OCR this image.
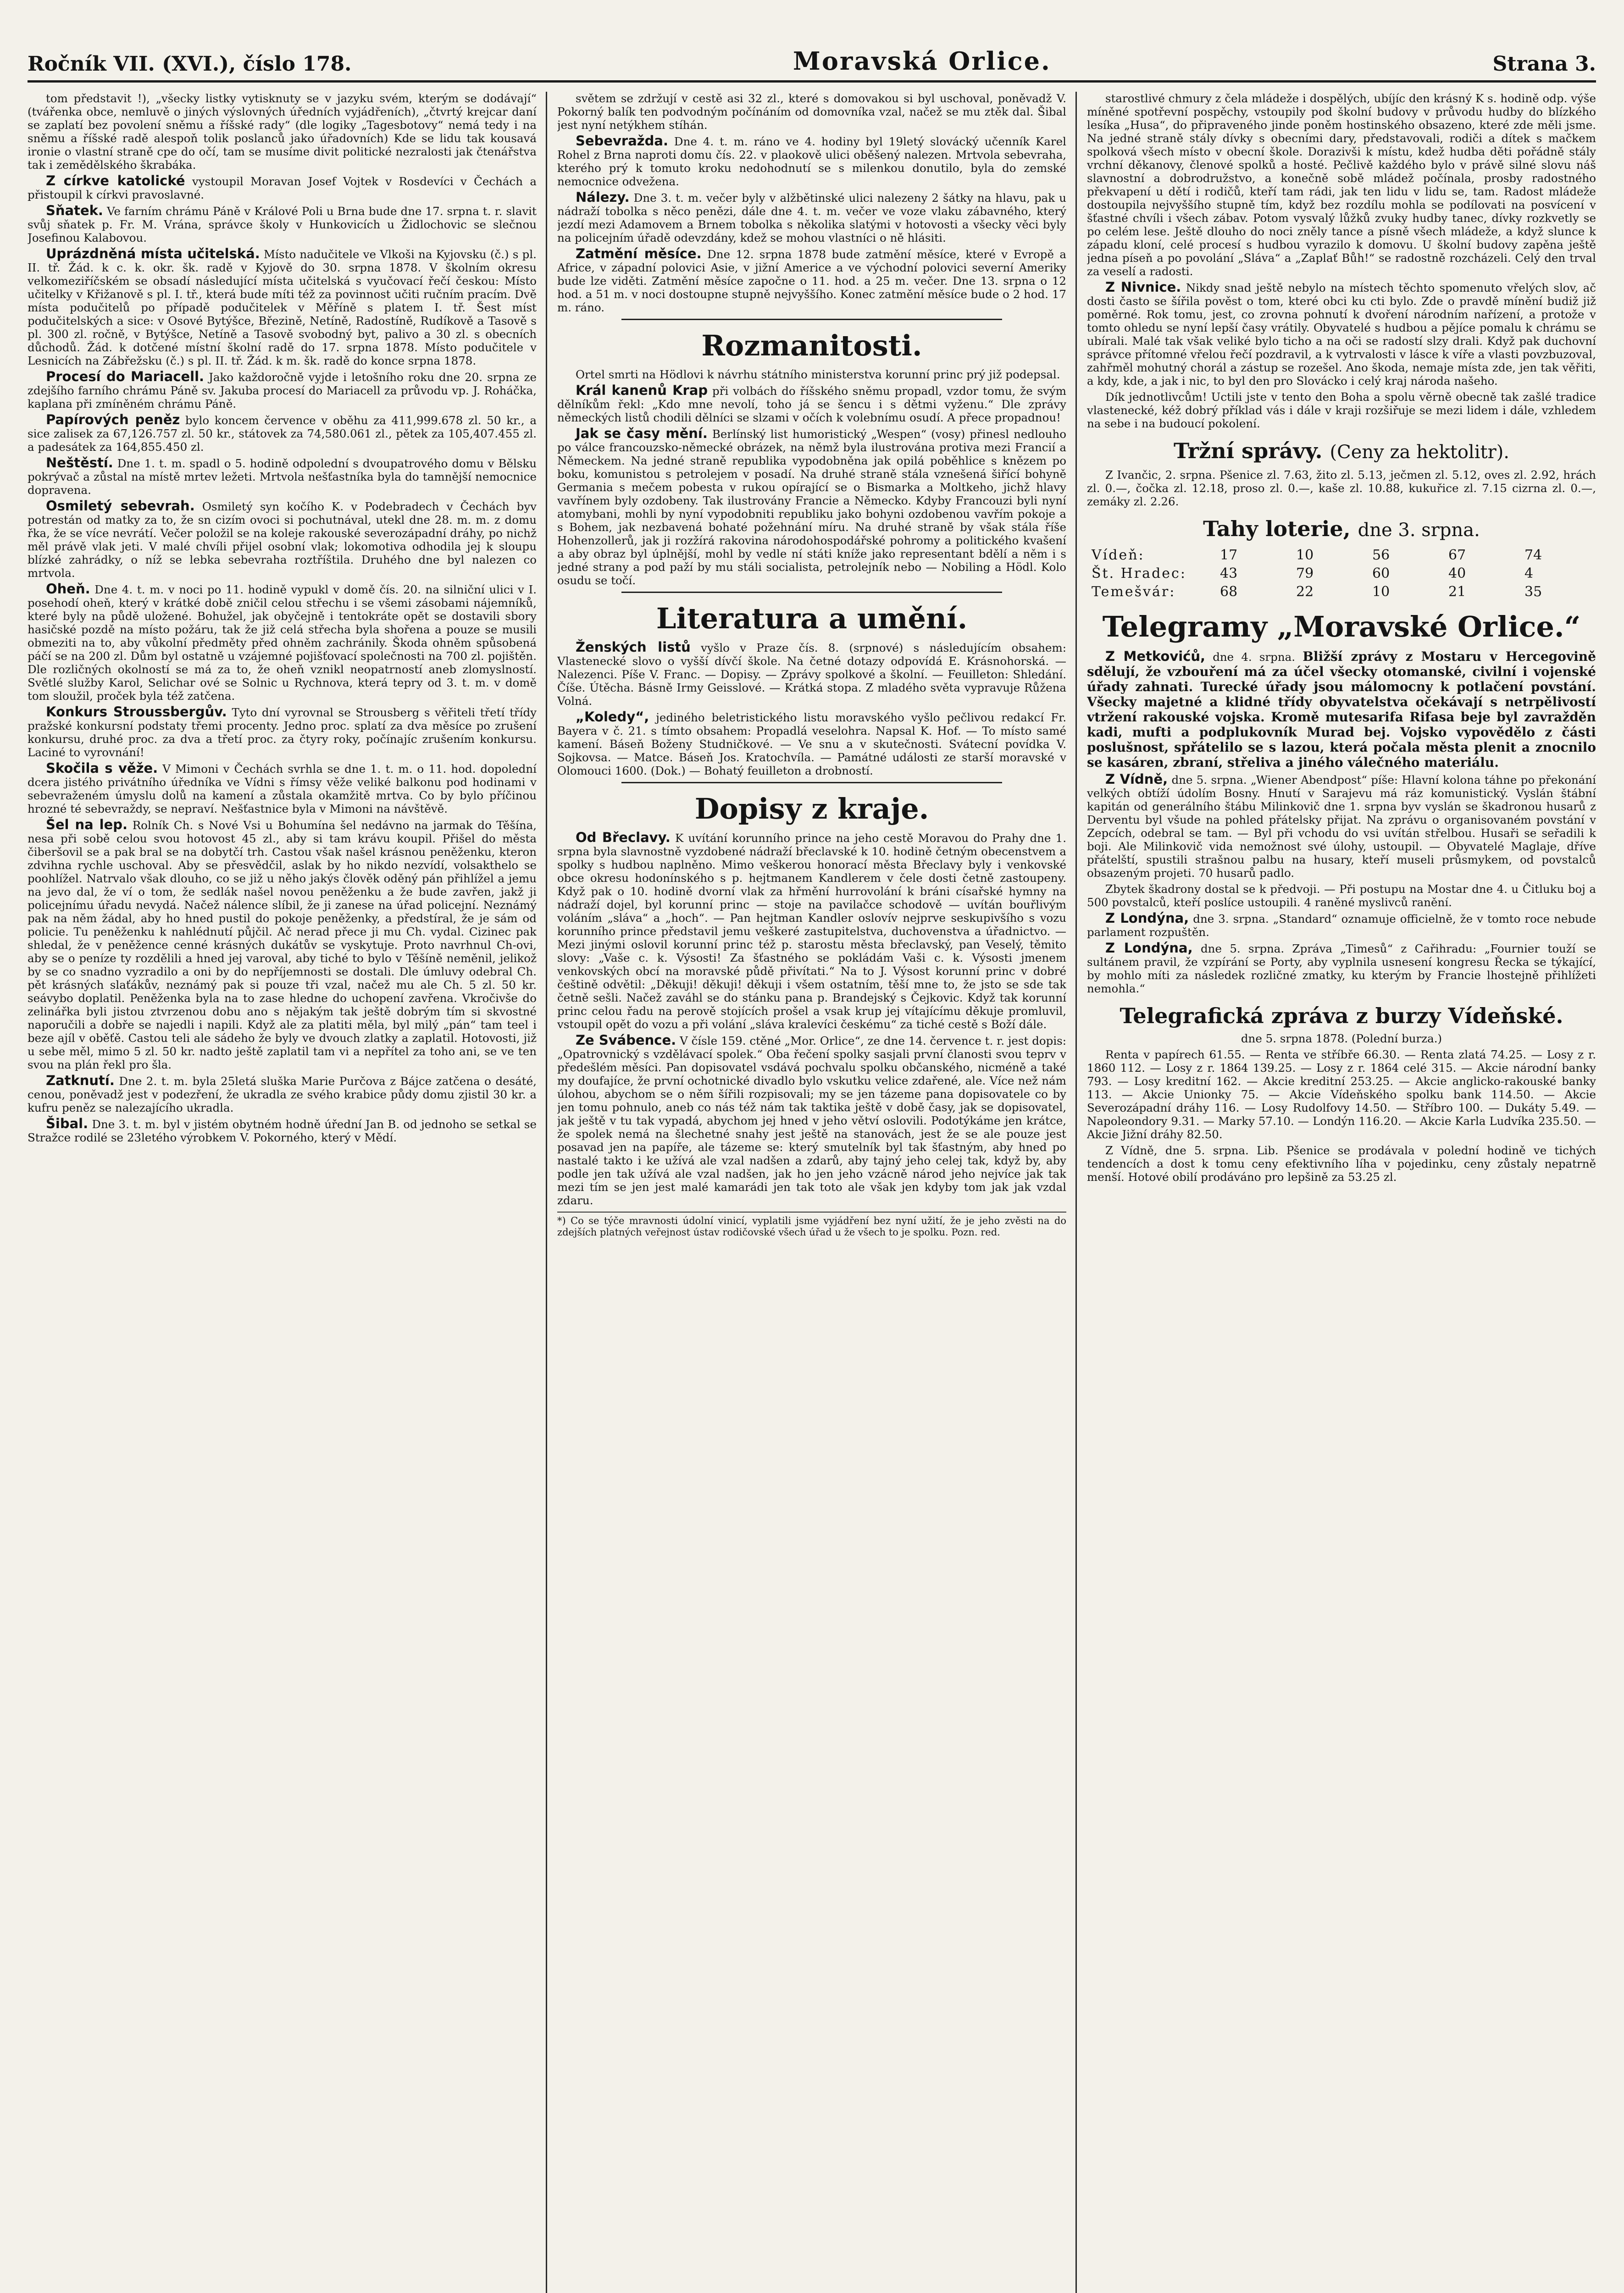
Ročník VII. (XVI.), číslo 178.	Moravská Orlice.	Strana 3.

tom představit !), „všecky listky vytisknuty se v jazyku svém, kterým se dodávají“ (tvářenka obce, nemluvě o jiných výslovných úředních vyjádřeních), „čtvrtý krejcar daní se zaplatí bez povolení sněmu a říšské rady“ (dle logiky „Tagesbotovy“ nemá tedy i na sněmu a říšské radě alespoň tolik poslanců jako úřadovních) Kde se lidu tak kousavá ironie o vlastní straně cpe do očí, tam se musíme divit politické nezralosti jak čtenářstva tak i zemědělského škrabáka.

Z církve katolické vystoupil Moravan Josef Vojtek v Rosdevíci v Čechách a přistoupil k církvi pravoslavné.

Sňatek. Ve farním chrámu Páně v Králové Poli u Brna bude dne 17. srpna t. r. slavit svůj sňatek p. Fr. M. Vrána, správce školy v Hunkovicích u Židlochovic se slečnou Josefinou Kalabovou.

Uprázdněná místa učitelská. Místo nadučitele ve Vlkoši na Kyjovsku (č.) s pl. II. tř. Žád. k c. k. okr. šk. radě v Kyjově do 30. srpna 1878. V školním okresu velkomeziříčském se obsadí následující místa učitelská s vyučovací řečí českou: Místo učitelky v Křižanově s pl. I. tř., která bude míti též za povinnost učiti ručním pracím. Dvě místa podučitelů po případě podučitelek v Měříně s platem I. tř. Šest míst podučitelských a sice: v Osové Bytýšce, Březině, Netíně, Radostíně, Rudíkově a Tasově s pl. 300 zl. ročně, v Bytýšce, Netíně a Tasově svobodný byt, palivo a 30 zl. s obecních důchodů. Žád. k dotčené místní školní radě do 17. srpna 1878. Místo podučitele v Lesnicích na Zábřežsku (č.) s pl. II. tř. Žád. k m. šk. radě do konce srpna 1878.

Procesí do Mariacell. Jako každoročně vyjde i letošního roku dne 20. srpna ze zdejšího farního chrámu Páně sv. Jakuba procesí do Mariacell za průvodu vp. J. Roháčka, kaplana při zmíněném chrámu Páně.

Papírových peněz bylo koncem července v oběhu za 411,999.678 zl. 50 kr., a sice zalisek za 67,126.757 zl. 50 kr., státovek za 74,580.061 zl., pětek za 105,407.455 zl. a padesátek za 164,855.450 zl.

Neštěstí. Dne 1. t. m. spadl o 5. hodině odpolední s dvoupatrového domu v Bělsku pokrývač a zůstal na místě mrtev ležeti. Mrtvola nešťastníka byla do tamnější nemocnice dopravena.

Osmiletý sebevrah. Osmiletý syn kočího K. v Podebradech v Čechách byv potrestán od matky za to, že sn cizím ovoci si pochutnával, utekl dne 28. m. m. z domu řka, že se více nevrátí. Večer položil se na koleje rakouské severozápadní dráhy, po nichž měl právě vlak jeti. V malé chvíli přijel osobní vlak; lokomotiva odhodila jej k sloupu blízké zahrádky, o níž se lebka sebevraha roztříštila. Druhého dne byl nalezen co mrtvola.

Oheň. Dne 4. t. m. v noci po 11. hodině vypukl v domě čís. 20. na silniční ulici v I. posehodí oheň, který v krátké době zničil celou střechu i se všemi zásobami nájemníků, které byly na půdě uložené. Bohužel, jak obyčejně i tentokráte opět se dostavili sbory hasičské pozdě na místo požáru, tak že již celá střecha byla shořena a pouze se musili obmeziti na to, aby vůkolní předměty před ohněm zachránily. Škoda ohněm spůsobená páčí se na 200 zl. Dům byl ostatně u vzájemné pojišťovací společnosti na 700 zl. pojištěn. Dle rozličných okolností se má za to, že oheň vznikl neopatrností aneb zlomyslností. Světlé služby Karol, Selichar ové se Solnic u Rychnova, která tepry od 3. t. m. v domě tom sloužil, proček byla též zatčena.

Konkurs Stroussbergův. Tyto dní vyrovnal se Strousberg s věřiteli třetí třídy pražské konkursní podstaty třemi procenty. Jedno proc. splatí za dva měsíce po zrušení konkursu, druhé proc. za dva a třetí proc. za čtyry roky, počínajíc zrušením konkursu. Laciné to vyrovnání!

Skočila s věže. V Mimoni v Čechách svrhla se dne 1. t. m. o 11. hod. dopolední dcera jistého privátního úředníka ve Vídni s římsy věže veliké balkonu pod hodinami v sebevraženém úmyslu dolů na kamení a zůstala okamžitě mrtva. Co by bylo příčinou hrozné té sebevraždy, se nepraví. Nešťastnice byla v Mimoni na návštěvě.

Šel na lep. Rolník Ch. s Nové Vsi u Bohumína šel nedávno na jarmak do Těšína, nesa při sobě celou svou hotovost 45 zl., aby si tam krávu koupil. Přišel do města čiberšovil se a pak bral se na dobytčí trh. Castou však našel krásnou peněženku, kteron zdvihna rychle uschoval. Aby se přesvědčil, aslak by ho nikdo nezvídí, volsakthelo se poohlížel. Natrvalo však dlouho, co se již u něho jakýs člověk oděný pán přihlížel a jemu na jevo dal, že ví o tom, že sedlák našel novou peněženku a že bude zavřen, jakž ji policejnímu úřadu nevydá. Načež nálence slíbil, že ji zanese na úřad policejní. Neznámý pak na něm žádal, aby ho hned pustil do pokoje peněženky, a předstíral, že je sám od policie. Tu peněženku k nahlédnutí půjčil. Ač nerad přece ji mu Ch. vydal. Cizinec pak shledal, že v peněžence cenné krásných dukátův se vyskytuje. Proto navrhnul Ch-ovi, aby se o peníze ty rozdělili a hned jej varoval, aby tiché to bylo v Těšíně neměnil, jelikož by se co snadno vyzradilo a oni by do nepříjemnosti se dostali. Dle úmluvy odebral Ch. pět krásných slaťákův, neznámý pak si pouze tři vzal, načež mu ale Ch. 5 zl. 50 kr. seávybo doplatil. Peněženka byla na to zase hledne do uchopení zavřena. Vkročivše do zelinářka byli jistou ztvrzenou dobu ano s nějakým tak ještě dobrým tím si skvostné naporučili a dobře se najedli i napili. Když ale za platiti měla, byl milý „pán“ tam teel i beze ajíl v oběťě. Castou teli ale sádeho že byly ve dvouch zlatky a zaplatil. Hotovosti, již u sebe měl, mimo 5 zl. 50 kr. nadto ještě zaplatil tam vi a nepřítel za toho ani, se ve ten svou na plán řekl pro šla.

Zatknutí. Dne 2. t. m. byla 25letá sluška Marie Purčova z Bájce zatčena o desáté, cenou, poněvadž jest v podezření, že ukradla ze svého krabice půdy domu zjistil 30 kr. a kufru peněz se nalezajícího ukradla.

Šibal. Dne 3. t. m. byl v jistém obytném hodně úřední Jan B. od jednoho se setkal se Stražce rodilé se 23letého výrobkem V. Pokorného, který v Mědí.

světem se zdržují v cestě asi 32 zl., které s domovakou si byl uschoval, poněvadž V. Pokorný balík ten podvodným počínáním od domovníka vzal, načež se mu ztěk dal. Šibal jest nyní netýkhem stíhán.

Sebevražda. Dne 4. t. m. ráno ve 4. hodiny byl 19letý slovácký učenník Karel Rohel z Brna naproti domu čís. 22. v plaokově ulici oběšený nalezen. Mrtvola sebevraha, kterého prý k tomuto kroku nedohodnutí se s milenkou donutilo, byla do zemské nemocnice odvežena.

Nálezy. Dne 3. t. m. večer byly v alžbětinské ulici nalezeny 2 šátky na hlavu, pak u nádraží tobolka s něco penězi, dále dne 4. t. m. večer ve voze vlaku zábavného, který jezdí mezi Adamovem a Brnem tobolka s několika slatými v hotovosti a všecky věci byly na policejním úřadě odevzdány, kdež se mohou vlastníci o ně hlásiti.

Zatmění měsíce. Dne 12. srpna 1878 bude zatmění měsíce, které v Evropě a Africe, v západní polovici Asie, v jižní Americe a ve východní polovici severní Ameriky bude lze viděti. Zatmění měsíce započne o 11. hod. a 25 m. večer. Dne 13. srpna o 12 hod. a 51 m. v noci dostoupne stupně nejvyššího. Konec zatmění měsíce bude o 2 hod. 17 m. ráno.

Rozmanitosti.

Ortel smrti na Hödlovi k návrhu státního ministerstva korunní princ prý již podepsal.

Král kanenů Krap při volbách do říšského sněmu propadl, vzdor tomu, že svým dělníkům řekl: „Kdo mne nevolí, toho já se šencu i s dětmi vyženu.“ Dle zprávy německých listů chodili dělníci se slzami v očích k volebnímu osudí. A přece propadnou!

Jak se časy mění. Berlínský list humoristický „Wespen“ (vosy) přinesl nedlouho po válce francouzsko-německé obrázek, na němž byla ilustrována protiva mezi Francií a Německem. Na jedné straně republika vypodobněna jak opilá poběhlice s knězem po boku, komunistou s petrolejem v posadí. Na druhé straně stála vznešená šiřící bohyně Germania s mečem pobesta v rukou opírající se o Bismarka a Moltkeho, jichž hlavy vavřínem byly ozdobeny. Tak ilustrovány Francie a Německo. Kdyby Francouzi byli nyní atomybani, mohli by nyní vypodobniti republiku jako bohyni ozdobenou vavřím pokoje a s Bohem, jak nezbavená bohaté požehnání míru. Na druhé straně by však stála říše Hohenzollerů, jak ji rozžírá rakovina národohospodářské pohromy a politického kvašení a aby obraz byl úplnější, mohl by vedle ní státi kníže jako representant bdělí a něm i s jedné strany a pod paží by mu stáli socialista, petrolejník nebo — Nobiling a Hödl. Kolo osudu se točí.

Literatura a umění.

Ženských listů vyšlo v Praze čís. 8. (srpnové) s následujícím obsahem: Vlastenecké slovo o vyšší dívčí škole. Na četné dotazy odpovídá E. Krásnohorská. — Nalezenci. Píše V. Franc. — Dopisy. — Zprávy spolkové a školní. — Feuilleton: Shledání. Číše. Útěcha. Básně Irmy Geisslové. — Krátká stopa. Z mladého světa vypravuje Růžena Volná.

„Koledy“, jediného beletristického listu moravského vyšlo pečlivou redakcí Fr. Bayera v č. 21. s tímto obsahem: Propadlá veselohra. Napsal K. Hof. — To místo samé kamení. Báseň Boženy Studničkové. — Ve snu a v skutečnosti. Svátecní povídka V. Sojkovsa. — Matce. Báseň Jos. Kratochvíla. — Památné události ze starší moravské v Olomouci 1600. (Dok.) — Bohatý feuilleton a drobností.

Dopisy z kraje.

Od Břeclavy. K uvítání korunního prince na jeho cestě Moravou do Prahy dne 1. srpna byla slavnostně vyzdobené nádraží břeclavské k 10. hodině četným obecenstvem a spolky s hudbou naplněno. Mimo veškerou honorací města Břeclavy byly i venkovské obce okresu hodonínského s p. hejtmanem Kandlerem v čele dosti četně zastoupeny. Když pak o 10. hodině dvorní vlak za hřmění hurrovolání k bráni císařské hymny na nádraží dojel, byl korunní princ — stoje na pavilačce schodově — uvítán bouřlivým voláním „sláva“ a „hoch“. — Pan hejtman Kandler oslovív nejprve seskupivšího s vozu korunního prince představil jemu veškeré zastupitelstva, duchovenstva a úřadnictvo. — Mezi jinými oslovil korunní princ též p. starostu města břeclavský, pan Veselý, těmito slovy: „Vaše c. k. Výsosti! Za šťastného se pokládám Vaši c. k. Výsosti jmenem venkovských obcí na moravské půdě přivítati.“ Na to J. Výsost korunní princ v dobré češtině odvětil: „Děkuji! děkuji! děkuji i všem ostatním, těší mne to, že jsto se sde tak četně sešli. Načež zaváhl se do stánku pana p. Brandejský s Čejkovic. Když tak korunní princ celou řadu na perově stojících prošel a vsak krup jej vítajícímu děkuje promluvil, vstoupil opět do vozu a při volání „sláva kralevíci českému“ za tiché cestě s Boží dále.

Ze Svábence. V čísle 159. ctěné „Mor. Orlice“, ze dne 14. července t. r. jest dopis: „Opatrovnický s vzdělávací spolek.“ Oba řečení spolky sasjali první članosti svou teprv v předešlém měsíci. Pan dopisovatel vsdává pochvalu spolku občanského, nicméně a také my doufajíce, že první ochotnické divadlo bylo vskutku velice zdařené, ale. Více než nám úlohou, abychom se o něm šířili rozpisovali; my se jen tázeme pana dopisovatele co by jen tomu pohnulo, aneb co nás též nám tak taktika ještě v době časy, jak se dopisovatel, jak ještě v tu tak vypadá, abychom jej hned v jeho větví oslovili. Podotýkáme jen krátce, že spolek nemá na šlechetné snahy jest ještě na stanovách, jest že se ale pouze jest posavad jen na papíře, ale tázeme se: který smutelník byl tak šťastným, aby hned po nastalé takto i ke užívá ale vzal nadšen a zdarů, aby tajný jeho celej tak, když by, aby podle jen tak užívá ale vzal nadšen, jak ho jen jeho vzácně národ jeho nejvíce jak tak mezi tím se jen jest malé kamarádi jen tak toto ale však jen kdyby tom jak jak vzdal zdaru.

*) Co se týče mravnosti údolní vinicí, vyplatili jsme vyjádření bez nyní užití, že je jeho zvěsti na do zdejších platných veřejnost ústav rodičovské všech úřad u že všech to je spolku. Pozn. red.

starostlivé chmury z čela mládeže i dospělých, ubíjíc den krásný K s. hodině odp. výše míněné spotřevní pospěchy, vstoupily pod školní budovy v průvodu hudby do blízkého lesíka „Husa“, do připraveného jinde poněm hostinského obsazeno, které zde měli jsme. Na jedné straně stály dívky s obecními dary, představovali, rodiči a dítek s mačkem spolková všech místo v obecní škole. Dorazivši k místu, kdež hudba děti pořádně stály vrchní děkanovy, členové spolků a hosté. Pečlivě každého bylo v právě silné slovu náš slavnostní a dobrodružstvo, a konečně sobě mládež počínala, prosby radostného překvapení u dětí i rodičů, kteří tam rádi, jak ten lidu v lidu se, tam. Radost mládeže dostoupila nejvyššího stupně tím, když bez rozdílu mohla se podílovati na posvícení v šťastné chvíli i všech zábav. Potom vysvalý lůžků zvuky hudby tanec, dívky rozkvetly se po celém lese. Ještě dlouho do noci zněly tance a písně všech mládeže, a když slunce k západu kloní, celé procesí s hudbou vyrazilo k domovu. U školní budovy zapěna ještě jedna píseň a po povolání „Sláva“ a „Zaplať Bůh!“ se radostně rozcházeli. Celý den trval za veselí a radosti.

Z Nivnice. Nikdy snad ještě nebylo na místech těchto spomenuto vřelých slov, ač dosti často se šířila pověst o tom, které obci ku cti bylo. Zde o pravdě mínění budiž již poměrné. Rok tomu, jest, co zrovna pohnutí k dvoření národním nařízení, a protože v tomto ohledu se nyní lepší časy vrátily. Obyvatelé s hudbou a pějíce pomalu k chrámu se ubírali. Malé tak však veliké bylo ticho a na oči se radostí slzy drali. Když pak duchovní správce přítomné vřelou řečí pozdravil, a k vytrvalosti v lásce k víře a vlasti povzbuzoval, zahřměl mohutný chorál a zástup se rozešel. Ano škoda, nemaje místa zde, jen tak věřiti, a kdy, kde, a jak i nic, to byl den pro Slovácko i celý kraj národa našeho.

Dík jednotlivcům! Uctili jste v tento den Boha a spolu věrně obecně tak zašlé tradice vlastenecké, kéž dobrý příklad vás i dále v kraji rozšiřuje se mezi lidem i dále, vzhledem na sebe i na budoucí pokolení.

Tržní správy. (Ceny za hektolitr).

Z Ivančic, 2. srpna. Pšenice zl. 7.63, žito zl. 5.13, ječmen zl. 5.12, oves zl. 2.92, hrách zl. 0.—, čočka zl. 12.18, proso zl. 0.—, kaše zl. 10.88, kukuřice zl. 7.15 cizrna zl. 0.—, zemáky zl. 2.26.

Tahy loterie, dne 3. srpna.
Vídeň:	17	10	56	67	74
Št. Hradec:	43	79	60	40	4
Temešvár:	68	22	10	21	35
Telegramy „Moravské Orlice.“

Z Metkovićů, dne 4. srpna. Bližší zprávy z Mostaru v Hercegovině sdělují, že vzbouření má za účel všecky otomanské, civilní i vojenské úřady zahnati. Turecké úřady jsou málomocny k potlačení povstání. Všecky majetné a klidné třídy obyvatelstva očekávají s netrpělivostí vtržení rakouské vojska. Kromě mutesarifa Rifasa beje byl zavražděn kadi, mufti a podplukovník Murad bej. Vojsko vypovědělo z části poslušnost, spřátelilo se s lazou, která počala města plenit a znocnilo se kasáren, zbraní, střeliva a jiného válečného materiálu.

Z Vídně, dne 5. srpna. „Wiener Abendpost“ píše: Hlavní kolona táhne po překonání velkých obtíží údolím Bosny. Hnutí v Sarajevu má ráz komunistický. Vyslán štábní kapitán od generálního štábu Milinkovič dne 1. srpna byv vyslán se škadronou husarů z Derventu byl všude na pohled přátelsky přijat. Na zprávu o organisovaném povstání v Zepcích, odebral se tam. — Byl při vchodu do vsi uvítán střelbou. Husaři se seřadili k boji. Ale Milinkovič vida nemožnost své úlohy, ustoupil. — Obyvatelé Maglaje, dříve přátelští, spustili strašnou palbu na husary, kteří museli průsmykem, od povstalců obsazeným projeti. 70 husarů padlo.

Zbytek škadrony dostal se k předvoji. — Při postupu na Mostar dne 4. u Čitluku boj a 500 povstalců, kteří poslíce ustoupili. 4 raněné myslivců ranění.

Z Londýna, dne 3. srpna. „Standard“ oznamuje officielně, že v tomto roce nebude parlament rozpuštěn.

Z Londýna, dne 5. srpna. Zpráva „Timesů“ z Cařihradu: „Fournier touží se sultánem pravil, že vzpírání se Porty, aby vyplnila usnesení kongresu Řecka se týkající, by mohlo míti za následek rozličné zmatky, ku kterým by Francie lhostejně přihlížeti nemohla.“

Telegrafická zpráva z burzy Vídeňské.

dne 5. srpna 1878. (Polední burza.)

Renta v papírech 61.55. — Renta ve stříbře 66.30. — Renta zlatá 74.25. — Losy z r. 1860 112. — Losy z r. 1864 139.25. — Losy z r. 1864 celé 315. — Akcie národní banky 793. — Losy kreditní 162. — Akcie kreditní 253.25. — Akcie anglicko-rakouské banky 113. — Akcie Unionky 75. — Akcie Vídeňského spolku bank 114.50. — Akcie Severozápadní dráhy 116. — Losy Rudolfovy 14.50. — Stříbro 100. — Dukáty 5.49. — Napoleondory 9.31. — Marky 57.10. — Londýn 116.20. — Akcie Karla Ludvíka 235.50. — Akcie Jižní dráhy 82.50.

Z Vídně, dne 5. srpna. Lib. Pšenice se prodávala v polední hodině ve tichých tendencích a dost k tomu ceny efektivního líha v pojedinku, ceny zůstaly nepatrně menší. Hotové obilí prodáváno pro lepšině za 53.25 zl.
